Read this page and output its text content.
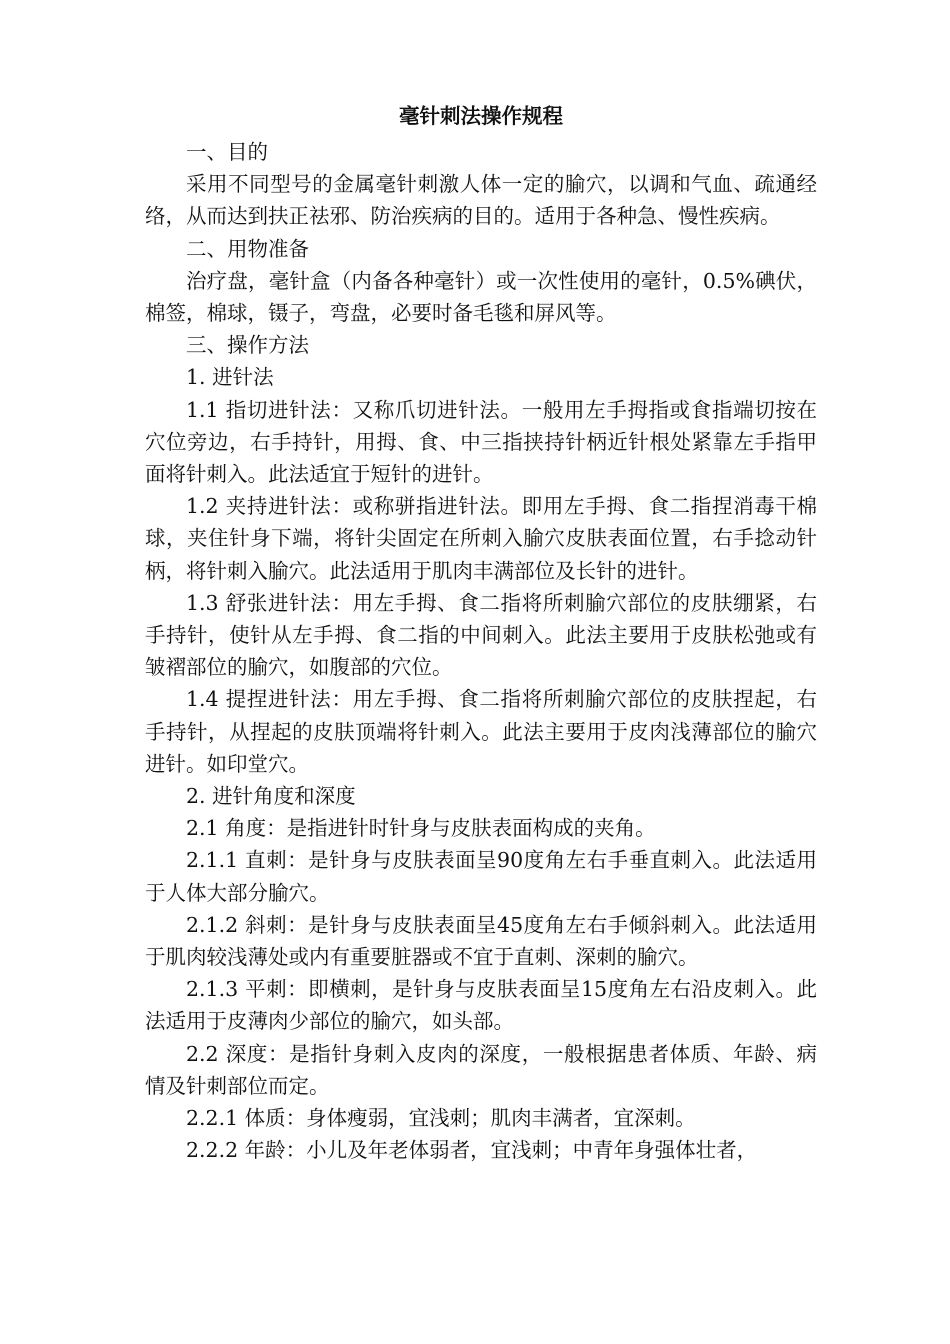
毫针刺法操作规程

一、目的

采用不同型号的金属毫针刺激人体一定的腧穴，以调和气血、疏通经络，从而达到扶正祛邪、防治疾病的目的。适用于各种急、慢性疾病。

二、用物准备

治疗盘，毫针盒（内备各种毫针）或一次性使用的毫针，0.5%碘伏，棉签，棉球，镊子，弯盘，必要时备毛毯和屏风等。

三、操作方法

1. 进针法

1.1 指切进针法：又称爪切进针法。一般用左手拇指或食指端切按在穴位旁边，右手持针，用拇、食、中三指挟持针柄近针根处紧靠左手指甲面将针刺入。此法适宜于短针的进针。

1.2 夹持进针法：或称骈指进针法。即用左手拇、食二指捏消毒干棉球，夹住针身下端，将针尖固定在所刺入腧穴皮肤表面位置，右手捻动针柄，将针刺入腧穴。此法适用于肌肉丰满部位及长针的进针。

1.3 舒张进针法：用左手拇、食二指将所刺腧穴部位的皮肤绷紧，右手持针，使针从左手拇、食二指的中间刺入。此法主要用于皮肤松弛或有皱褶部位的腧穴，如腹部的穴位。

1.4 提捏进针法：用左手拇、食二指将所刺腧穴部位的皮肤捏起，右手持针，从捏起的皮肤顶端将针刺入。此法主要用于皮肉浅薄部位的腧穴进针。如印堂穴。

2. 进针角度和深度

2.1 角度：是指进针时针身与皮肤表面构成的夹角。

2.1.1 直刺：是针身与皮肤表面呈90度角左右手垂直刺入。此法适用于人体大部分腧穴。

2.1.2 斜刺：是针身与皮肤表面呈45度角左右手倾斜刺入。此法适用于肌肉较浅薄处或内有重要脏器或不宜于直刺、深刺的腧穴。

2.1.3 平刺：即横刺，是针身与皮肤表面呈15度角左右沿皮刺入。此法适用于皮薄肉少部位的腧穴，如头部。

2.2 深度：是指针身刺入皮肉的深度，一般根据患者体质、年龄、病情及针刺部位而定。

2.2.1 体质：身体瘦弱，宜浅刺；肌肉丰满者，宜深刺。

2.2.2 年龄：小儿及年老体弱者，宜浅刺；中青年身强体壮者，
